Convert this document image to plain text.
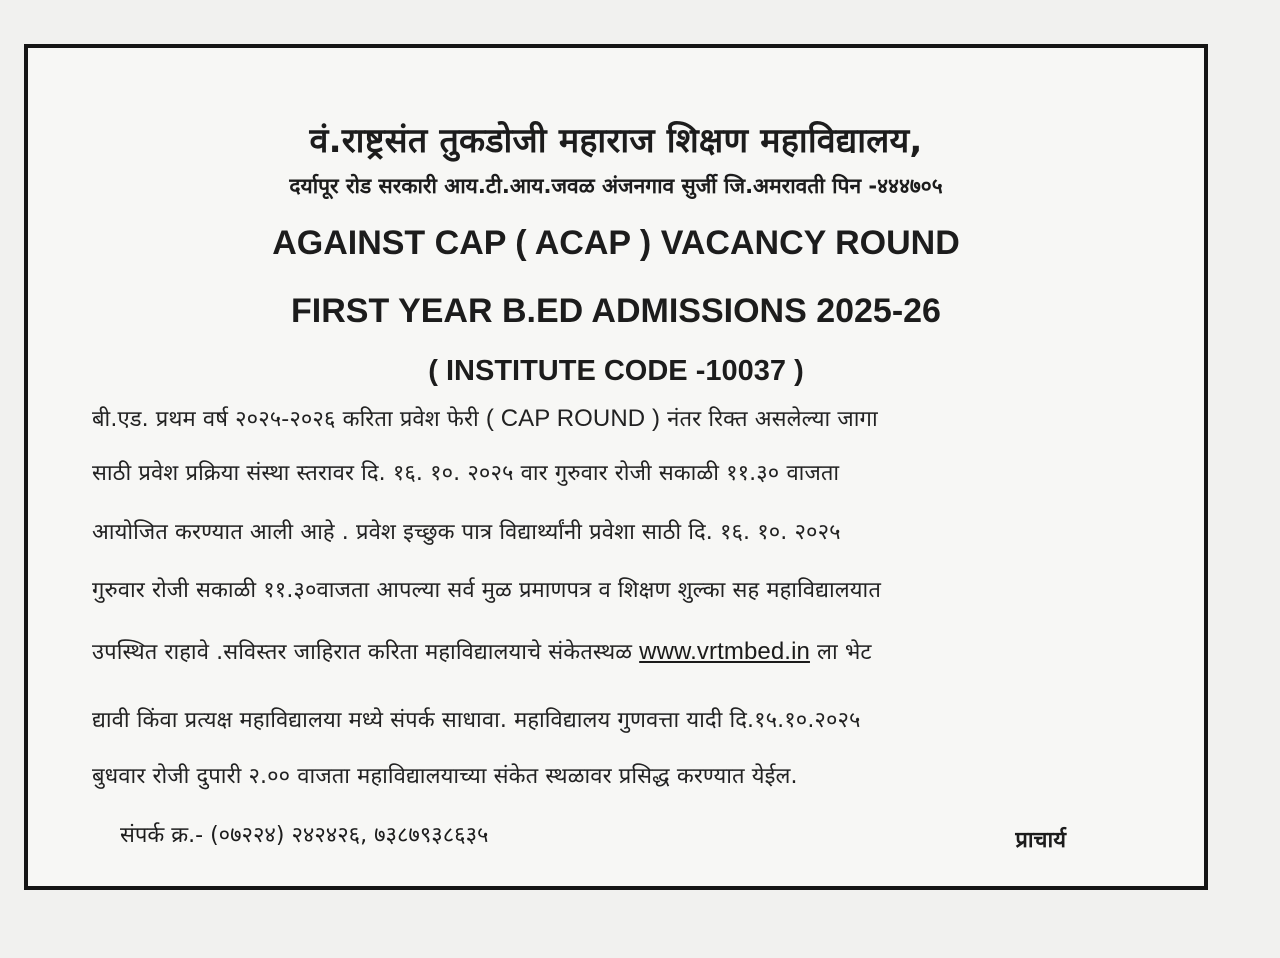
वं.राष्ट्रसंत तुकडोजी महाराज शिक्षण महाविद्यालय,
दर्यापूर रोड सरकारी आय.टी.आय.जवळ अंजनगाव सुर्जी जि.अमरावती पिन -४४४७०५
AGAINST CAP ( ACAP ) VACANCY ROUND
FIRST YEAR B.ED ADMISSIONS 2025-26
( INSTITUTE CODE -10037 )
बी.एड. प्रथम वर्ष २०२५-२०२६ करिता प्रवेश फेरी ( CAP ROUND ) नंतर रिक्त असलेल्या जागा
साठी प्रवेश प्रक्रिया संस्था स्तरावर दि. १६. १०. २०२५ वार गुरुवार रोजी सकाळी ११.३० वाजता
आयोजित करण्यात आली आहे . प्रवेश इच्छुक पात्र विद्यार्थ्यांनी प्रवेशा साठी दि. १६. १०. २०२५
गुरुवार रोजी सकाळी ११.३०वाजता आपल्या सर्व मुळ प्रमाणपत्र व शिक्षण शुल्का सह महाविद्यालयात
उपस्थित राहावे .सविस्तर जाहिरात करिता महाविद्यालयाचे संकेतस्थळ www.vrtmbed.in ला भेट
द्यावी किंवा प्रत्यक्ष महाविद्यालया मध्ये संपर्क साधावा. महाविद्यालय गुणवत्ता यादी दि.१५.१०.२०२५
बुधवार रोजी दुपारी २.०० वाजता महाविद्यालयाच्या संकेत स्थळावर प्रसिद्ध करण्यात येईल.
संपर्क क्र.- (०७२२४) २४२४२६, ७३८७९३८६३५	प्राचार्य
